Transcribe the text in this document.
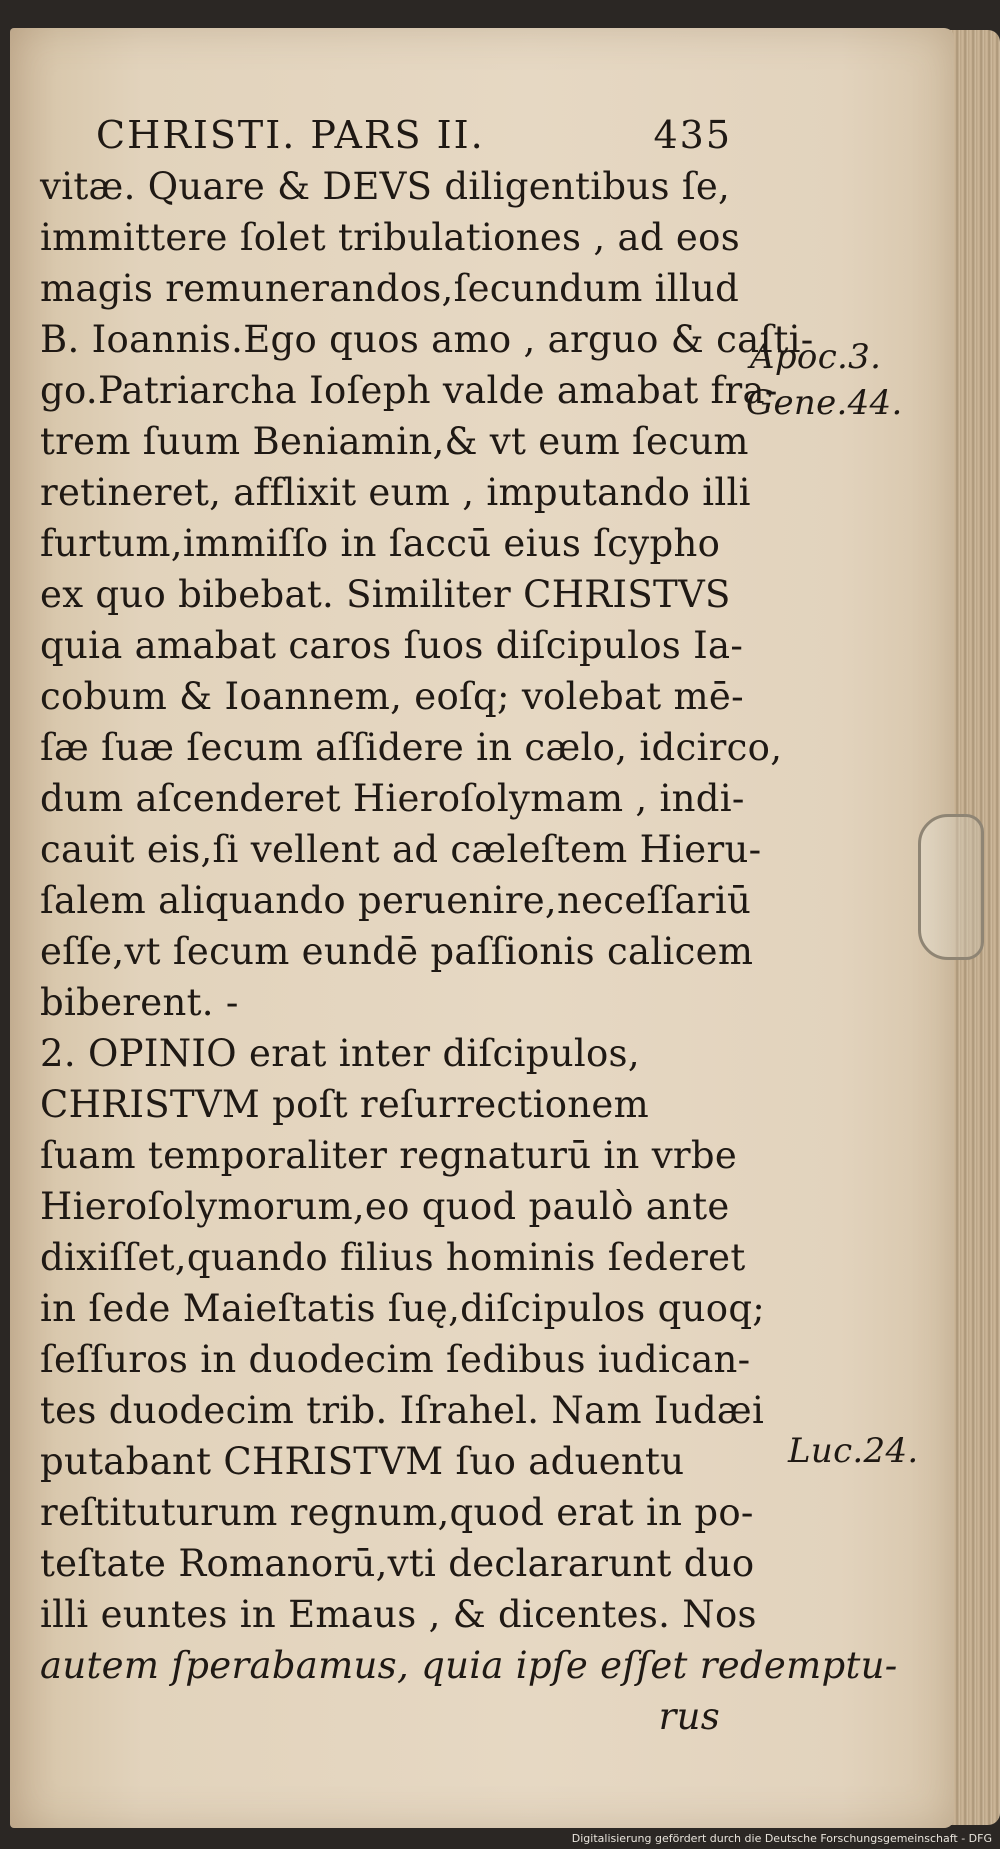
CHRISTI. PARS II.	435
vitæ. Quare & DEVS diligentibus ſe,
immittere ſolet tribulationes , ad eos
magis remunerandos,ſecundum illud
B. Ioannis.Ego quos amo , arguo & caſti-
go.Patriarcha Ioſeph valde amabat fra-
trem ſuum Beniamin,& vt eum ſecum
retineret, afflixit eum , imputando illi
furtum,immiſſo in ſaccū eius ſcypho
ex quo bibebat. Similiter CHRISTVS
quia amabat caros ſuos diſcipulos Ia-
cobum & Ioannem, eoſq; volebat mē-
ſæ ſuæ ſecum aſſidere in cælo, idcirco,
dum aſcenderet Hieroſolymam , indi-
cauit eis,ſi vellent ad cæleſtem Hieru-
ſalem aliquando peruenire,neceſſariū
eſſe,vt ſecum eundē paſſionis calicem
biberent. -
2. OPINIO erat inter diſcipulos,
CHRISTVM poſt reſurrectionem
ſuam temporaliter regnaturū in vrbe
Hieroſolymorum,eo quod paulò ante
dixiſſet,quando filius hominis ſederet
in ſede Maieſtatis ſuę,diſcipulos quoq;
ſeſſuros in duodecim ſedibus iudican-
tes duodecim trib. Iſrahel. Nam Iudæi
putabant CHRISTVM ſuo aduentu
reſtituturum regnum,quod erat in po-
teſtate Romanorū,vti declararunt duo
illi euntes in Emaus , & dicentes. Nos
autem ſperabamus, quia ipſe eſſet redemptu-
rus
Apoc.3.
Gene.44.
Luc.24.
Digitalisierung gefördert durch die Deutsche Forschungsgemeinschaft - DFG
